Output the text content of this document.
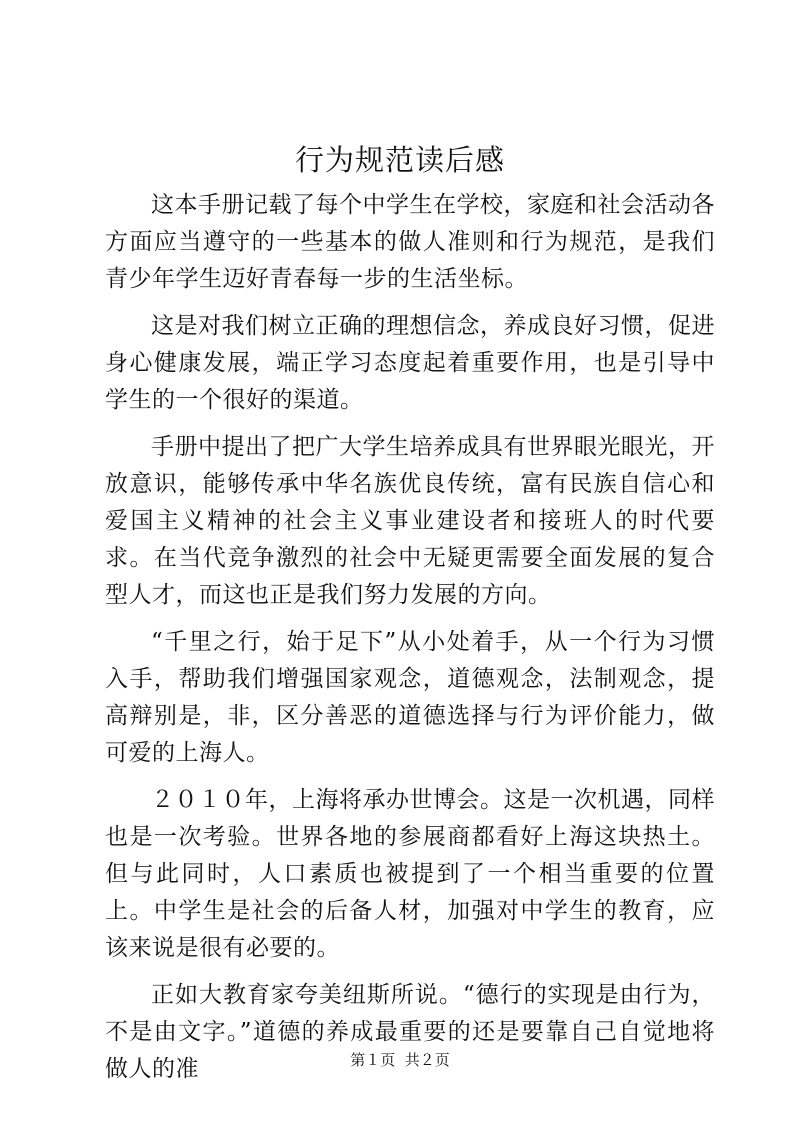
行为规范读后感

这本手册记载了每个中学生在学校，家庭和社会活动各方面应当遵守的一些基本的做人准则和行为规范，是我们青少年学生迈好青春每一步的生活坐标。

这是对我们树立正确的理想信念，养成良好习惯，促进身心健康发展，端正学习态度起着重要作用，也是引导中学生的一个很好的渠道。

手册中提出了把广大学生培养成具有世界眼光眼光，开放意识，能够传承中华名族优良传统，富有民族自信心和爱国主义精神的社会主义事业建设者和接班人的时代要求。在当代竞争激烈的社会中无疑更需要全面发展的复合型人才，而这也正是我们努力发展的方向。

“千里之行，始于足下”从小处着手，从一个行为习惯入手，帮助我们增强国家观念，道德观念，法制观念，提高辩别是，非，区分善恶的道德选择与行为评价能力，做可爱的上海人。

２０１０年，上海将承办世博会。这是一次机遇，同样也是一次考验。世界各地的参展商都看好上海这块热土。但与此同时，人口素质也被提到了一个相当重要的位置上。中学生是社会的后备人材，加强对中学生的教育，应该来说是很有必要的。

正如大教育家夸美纽斯所说。“德行的实现是由行为，不是由文字。”道德的养成最重要的还是要靠自己自觉地将做人的准	第１页  共２页
